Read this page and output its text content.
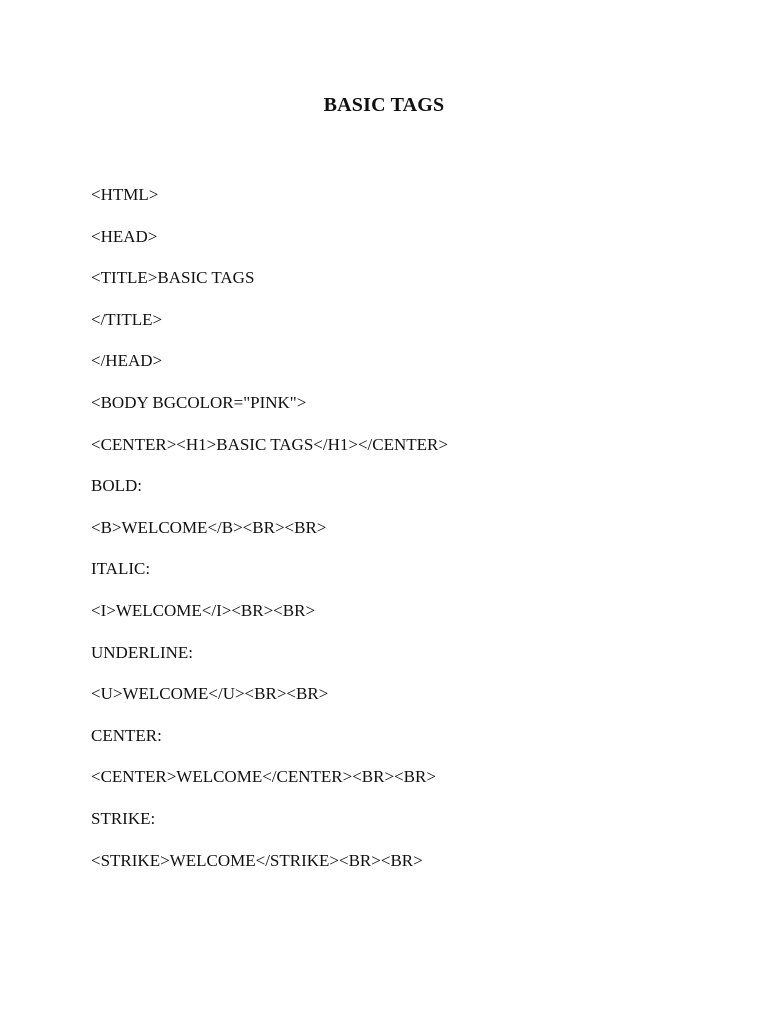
BASIC TAGS
<HTML>
<HEAD>
<TITLE>BASIC TAGS
</TITLE>
</HEAD>
<BODY BGCOLOR="PINK">
<CENTER><H1>BASIC TAGS</H1></CENTER>
BOLD:
<B>WELCOME</B><BR><BR>
ITALIC:
<I>WELCOME</I><BR><BR>
UNDERLINE:
<U>WELCOME</U><BR><BR>
CENTER:
<CENTER>WELCOME</CENTER><BR><BR>
STRIKE:
<STRIKE>WELCOME</STRIKE><BR><BR>
